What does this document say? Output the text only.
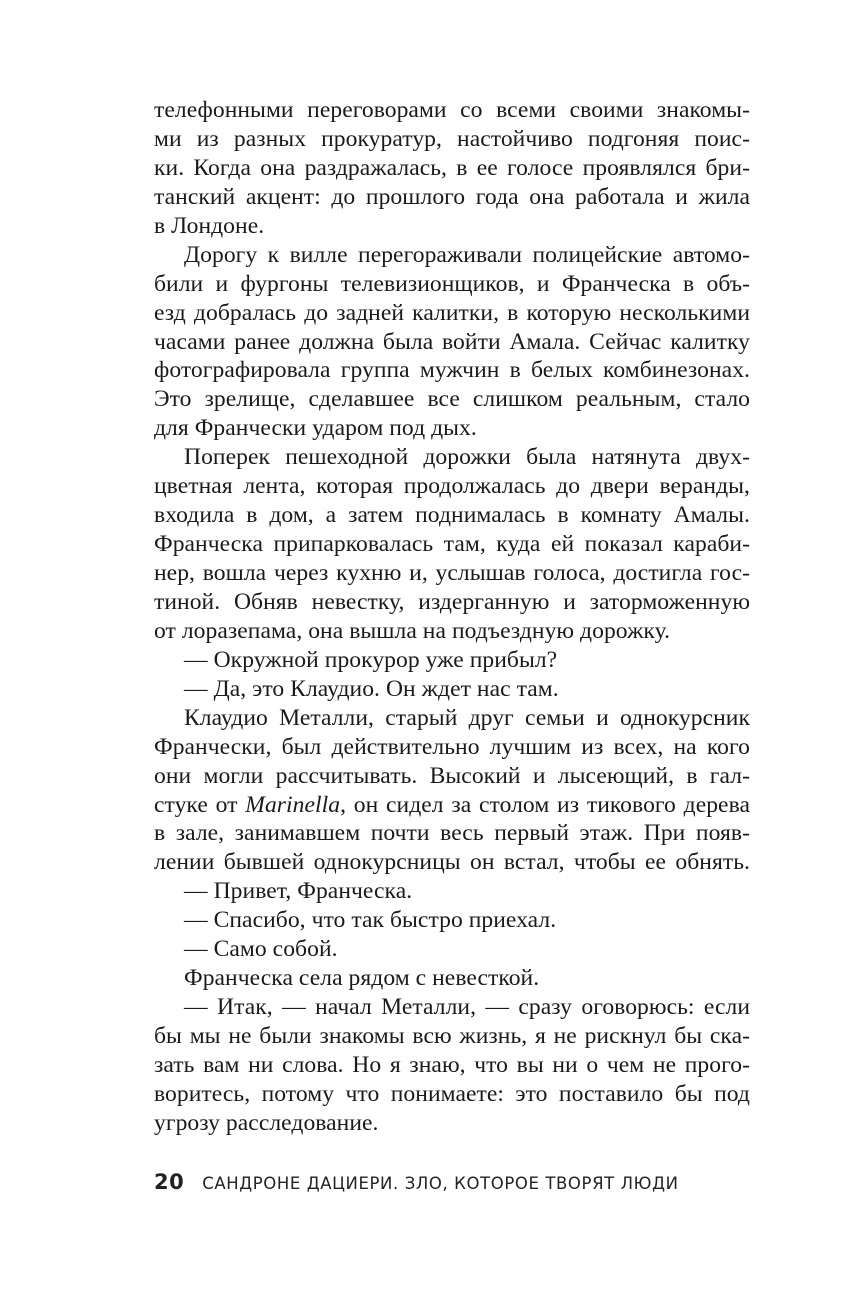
телефонными переговорами со всеми своими знакомы-
ми из разных прокуратур, настойчиво подгоняя поис-
ки. Когда она раздражалась, в ее голосе проявлялся бри-
танский акцент: до прошлого года она работала и жила
в Лондоне.
Дорогу к вилле перегораживали полицейские автомо-
били и фургоны телевизионщиков, и Франческа в объ-
езд добралась до задней калитки, в которую несколькими
часами ранее должна была войти Амала. Сейчас калитку
фотографировала группа мужчин в белых комбинезонах.
Это зрелище, сделавшее все слишком реальным, стало
для Франчески ударом под дых.
Поперек пешеходной дорожки была натянута двух-
цветная лента, которая продолжалась до двери веранды,
входила в дом, а затем поднималась в комнату Амалы.
Франческа припарковалась там, куда ей показал караби-
нер, вошла через кухню и, услышав голоса, достигла гос-
тиной. Обняв невестку, издерганную и заторможенную
от лоразепама, она вышла на подъездную дорожку.
— Окружной прокурор уже прибыл?
— Да, это Клаудио. Он ждет нас там.
Клаудио Металли, старый друг семьи и однокурсник
Франчески, был действительно лучшим из всех, на кого
они могли рассчитывать. Высокий и лысеющий, в гал-
стуке от Marinella, он сидел за столом из тикового дерева
в зале, занимавшем почти весь первый этаж. При появ-
лении бывшей однокурсницы он встал, чтобы ее обнять.
— Привет, Франческа.
— Спасибо, что так быстро приехал.
— Само собой.
Франческа села рядом с невесткой.
— Итак, — начал Металли, — сразу оговорюсь: если
бы мы не были знакомы всю жизнь, я не рискнул бы ска-
зать вам ни слова. Но я знаю, что вы ни о чем не прого-
воритесь, потому что понимаете: это поставило бы под
угрозу расследование.
20 САНДРОНЕ ДАЦИЕРИ. ЗЛО, КОТОРОЕ ТВОРЯТ ЛЮДИ
